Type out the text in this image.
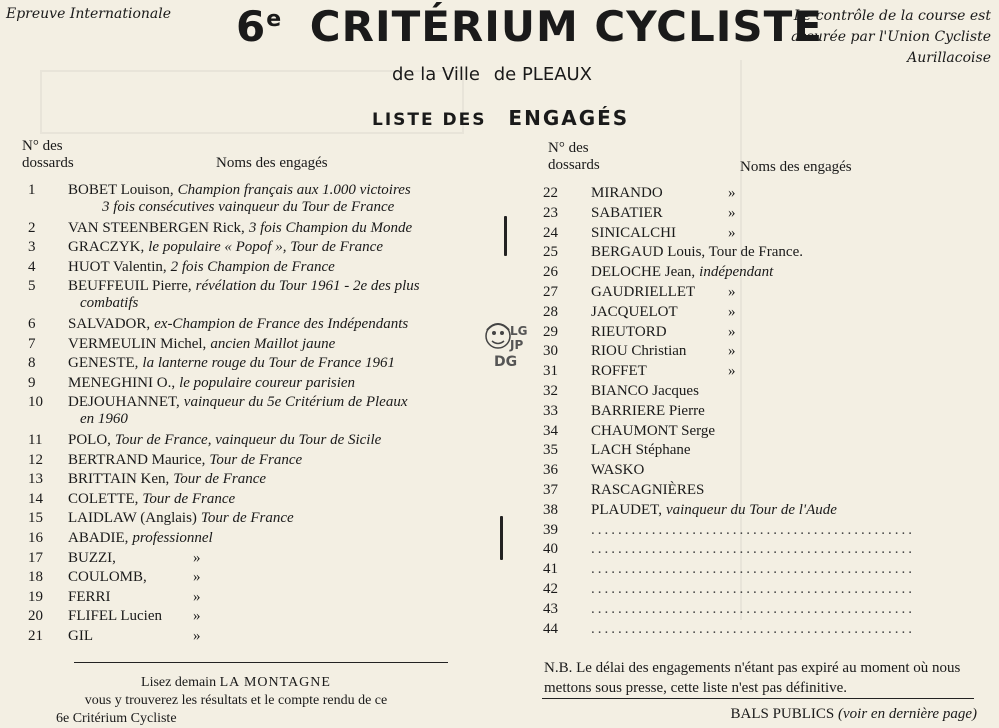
Epreuve Internationale 6e CRITÉRIUM CYCLISTE
Le contrôle de la course est assurée par l'Union Cycliste Aurillacoise
de la Ville de PLEAUX
LISTE DES ENGAGÉS
N° des
dossards	Noms des engagés
N° des
dossards	Noms des engagés
1	BOBET Louison, Champion français aux 1.000 victoires
3 fois consécutives vainqueur du Tour de France
2	VAN STEENBERGEN Rick, 3 fois Champion du Monde
3	GRACZYK, le populaire « Popof », Tour de France
4	HUOT Valentin, 2 fois Champion de France
5	BEUFFEUIL Pierre, révélation du Tour 1961 - 2e des plus
combatifs
6	SALVADOR, ex-Champion de France des Indépendants
7	VERMEULIN Michel, ancien Maillot jaune
8	GENESTE, la lanterne rouge du Tour de France 1961
9	MENEGHINI O., le populaire coureur parisien
10	DEJOUHANNET, vainqueur du 5e Critérium de Pleaux
en 1960
11	POLO, Tour de France, vainqueur du Tour de Sicile
12	BERTRAND Maurice, Tour de France
13	BRITTAIN Ken, Tour de France
14	COLETTE, Tour de France
15	LAIDLAW (Anglais) Tour de France
16	ABADIE, professionnel
17	BUZZI,	»
18	COULOMB,	»
19	FERRI	»
20	FLIFEL Lucien »
21	GIL	»
22	MIRANDO	»
23	SABATIER	»
24	SINICALCHI	»
25	BERGAUD Louis, Tour de France.
26	DELOCHE Jean, indépendant
27	GAUDRIELLET »
28	JACQUELOT	»
29	RIEUTORD	»
30	RIOU Christian	»
31	ROFFET	»
32	BIANCO Jacques
33	BARRIERE Pierre
34	CHAUMONT Serge
35	LACH Stéphane
36	WASKO
37	RASCAGNIÈRES
38	PLAUDET, vainqueur du Tour de l'Aude
39	................................................
40	................................................
41	................................................
42	................................................
43	................................................
44	................................................
LG
JP
DG
Lisez demain LA MONTAGNE
vous y trouverez les résultats et le compte rendu de ce
6e Critérium Cycliste
N.B. Le délai des engagements n'étant pas expiré au moment où nous mettons sous presse, cette liste n'est pas définitive.
BALS PUBLICS (voir en dernière page)
